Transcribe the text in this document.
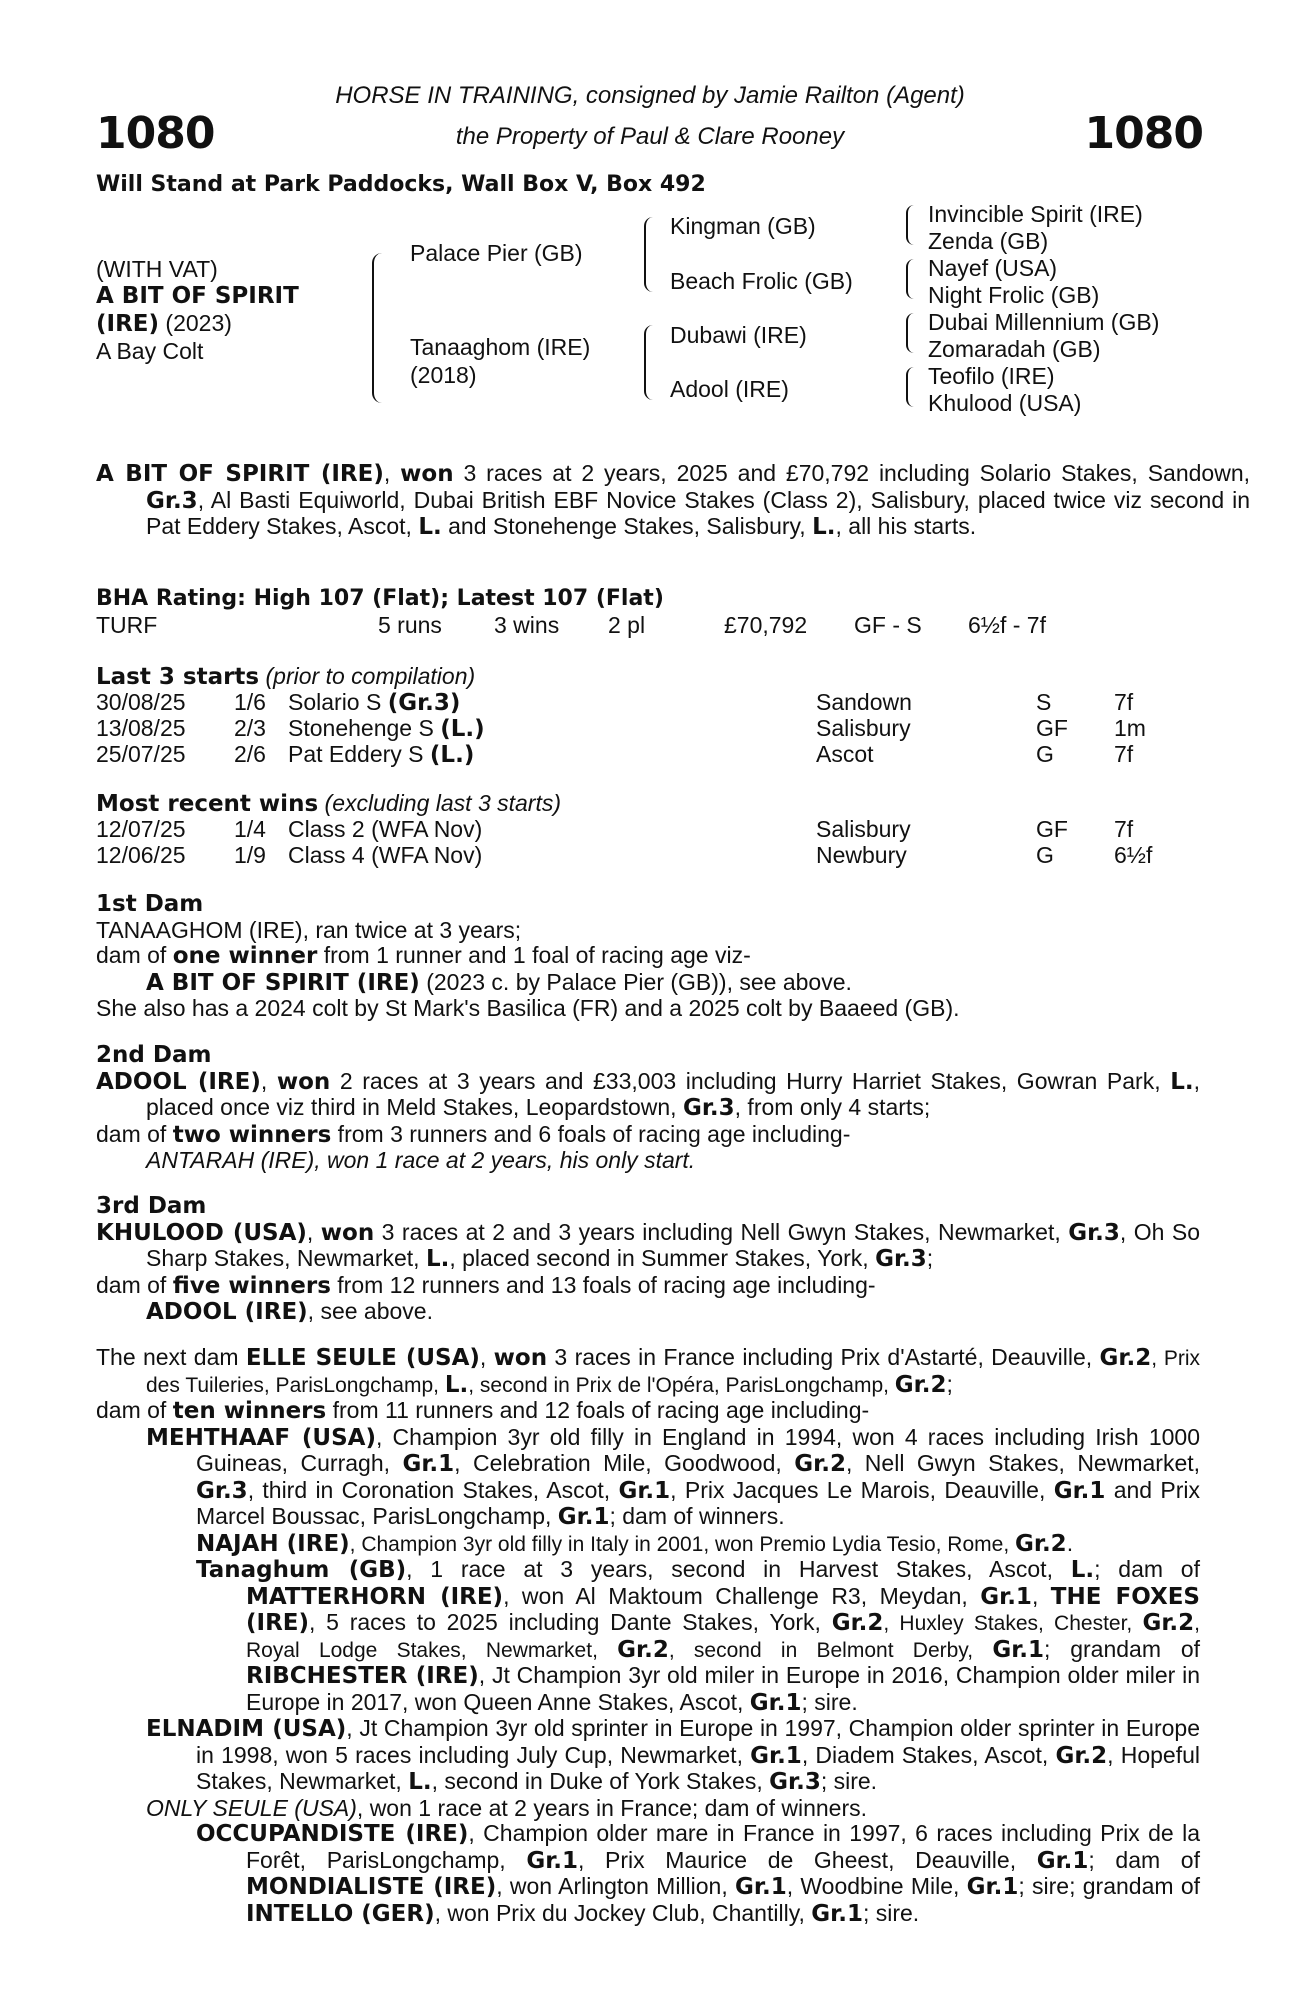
1080	1080
HORSE IN TRAINING, consigned by Jamie Railton (Agent)
the Property of Paul & Clare Rooney
Will Stand at Park Paddocks, Wall Box V, Box 492
(WITH VAT)
A BIT OF SPIRIT
(IRE) (2023)
A Bay Colt
Palace Pier (GB)
Tanaaghom (IRE)
(2018)
Kingman (GB)
Beach Frolic (GB)
Dubawi (IRE)
Adool (IRE)
Invincible Spirit (IRE)
Zenda (GB)
Nayef (USA)
Night Frolic (GB)
Dubai Millennium (GB)
Zomaradah (GB)
Teofilo (IRE)
Khulood (USA)
A BIT OF SPIRIT (IRE), won 3 races at 2 years, 2025 and £70,792 including Solario Stakes, Sandown, Gr.3, Al Basti Equiworld, Dubai British EBF Novice Stakes (Class 2), Salisbury, placed twice viz second in Pat Eddery Stakes, Ascot, L. and Stonehenge Stakes, Salisbury, L., all his starts.
BHA Rating: High 107 (Flat); Latest 107 (Flat)
TURF	5 runs 3 wins 2 pl	£70,792 GF - S 6½f - 7f
Last 3 starts (prior to compilation)
30/08/25 1/6 Solario S (Gr.3)	Sandown	S	7f
13/08/25 2/3 Stonehenge S (L.)	Salisbury	GF 1m
25/07/25 2/6 Pat Eddery S (L.)	Ascot	G	7f
Most recent wins (excluding last 3 starts)
12/07/25 1/4 Class 2 (WFA Nov)	Salisbury	GF 7f
12/06/25 1/9 Class 4 (WFA Nov)	Newbury	G	6½f
1st Dam
TANAAGHOM (IRE), ran twice at 3 years;
dam of one winner from 1 runner and 1 foal of racing age viz-
A BIT OF SPIRIT (IRE) (2023 c. by Palace Pier (GB)), see above.
She also has a 2024 colt by St Mark's Basilica (FR) and a 2025 colt by Baaeed (GB).
2nd Dam
ADOOL (IRE), won 2 races at 3 years and £33,003 including Hurry Harriet Stakes, Gowran Park, L., placed once viz third in Meld Stakes, Leopardstown, Gr.3, from only 4 starts;
dam of two winners from 3 runners and 6 foals of racing age including-
ANTARAH (IRE), won 1 race at 2 years, his only start.
3rd Dam
KHULOOD (USA), won 3 races at 2 and 3 years including Nell Gwyn Stakes, Newmarket, Gr.3, Oh So Sharp Stakes, Newmarket, L., placed second in Summer Stakes, York, Gr.3;
dam of five winners from 12 runners and 13 foals of racing age including-
ADOOL (IRE), see above.
The next dam ELLE SEULE (USA), won 3 races in France including Prix d'Astarté, Deauville, Gr.2, Prix des Tuileries, ParisLongchamp, L., second in Prix de l'Opéra, ParisLongchamp, Gr.2;
dam of ten winners from 11 runners and 12 foals of racing age including-
MEHTHAAF (USA), Champion 3yr old filly in England in 1994, won 4 races including Irish 1000 Guineas, Curragh, Gr.1, Celebration Mile, Goodwood, Gr.2, Nell Gwyn Stakes, Newmarket, Gr.3, third in Coronation Stakes, Ascot, Gr.1, Prix Jacques Le Marois, Deauville, Gr.1 and Prix Marcel Boussac, ParisLongchamp, Gr.1; dam of winners.
NAJAH (IRE), Champion 3yr old filly in Italy in 2001, won Premio Lydia Tesio, Rome, Gr.2.
Tanaghum (GB), 1 race at 3 years, second in Harvest Stakes, Ascot, L.; dam of MATTERHORN (IRE), won Al Maktoum Challenge R3, Meydan, Gr.1, THE FOXES (IRE), 5 races to 2025 including Dante Stakes, York, Gr.2, Huxley Stakes, Chester, Gr.2, Royal Lodge Stakes, Newmarket, Gr.2, second in Belmont Derby, Gr.1; grandam of RIBCHESTER (IRE), Jt Champion 3yr old miler in Europe in 2016, Champion older miler in Europe in 2017, won Queen Anne Stakes, Ascot, Gr.1; sire.
ELNADIM (USA), Jt Champion 3yr old sprinter in Europe in 1997, Champion older sprinter in Europe in 1998, won 5 races including July Cup, Newmarket, Gr.1, Diadem Stakes, Ascot, Gr.2, Hopeful Stakes, Newmarket, L., second in Duke of York Stakes, Gr.3; sire.
ONLY SEULE (USA), won 1 race at 2 years in France; dam of winners.
OCCUPANDISTE (IRE), Champion older mare in France in 1997, 6 races including Prix de la Forêt, ParisLongchamp, Gr.1, Prix Maurice de Gheest, Deauville, Gr.1; dam of MONDIALISTE (IRE), won Arlington Million, Gr.1, Woodbine Mile, Gr.1; sire; grandam of INTELLO (GER), won Prix du Jockey Club, Chantilly, Gr.1; sire.
